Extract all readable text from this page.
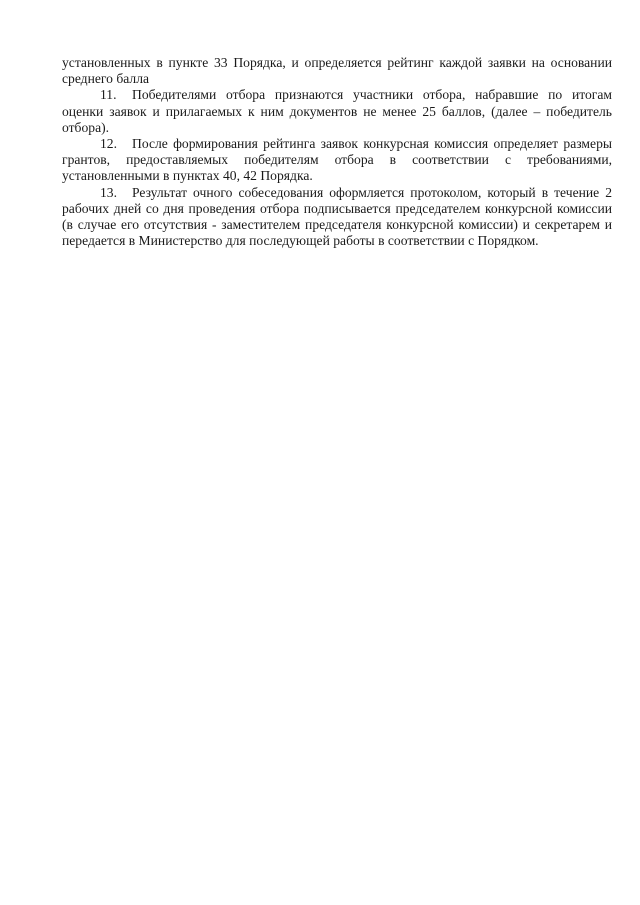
установленных в пункте 33 Порядка, и определяется рейтинг каждой заявки на основании среднего балла

11. Победителями отбора признаются участники отбора, набравшие по итогам оценки заявок и прилагаемых к ним документов не менее 25 баллов, (далее – победитель отбора).

12. После формирования рейтинга заявок конкурсная комиссия определяет размеры грантов, предоставляемых победителям отбора в соответствии с требованиями, установленными в пунктах 40, 42 Порядка.

13. Результат очного собеседования оформляется протоколом, который в течение 2 рабочих дней со дня проведения отбора подписывается председателем конкурсной комиссии (в случае его отсутствия - заместителем председателя конкурсной комиссии) и секретарем и передается в Министерство для последующей работы в соответствии с Порядком.
